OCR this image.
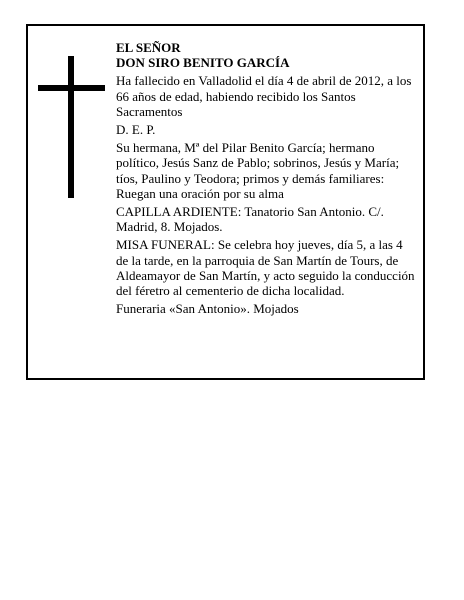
EL SEÑOR

DON SIRO BENITO GARCÍA

Ha fallecido en Valladolid el día 4 de abril de 2012, a los 66 años de edad, habiendo recibido los Santos Sacramentos

D. E. P.

Su hermana, Mª del Pilar Benito García; hermano político, Jesús Sanz de Pablo; sobrinos, Jesús y María; tíos, Paulino y Teodora; primos y demás familiares: Ruegan una oración por su alma

CAPILLA ARDIENTE: Tanatorio San Antonio. C/. Madrid, 8. Mojados.

MISA FUNERAL: Se celebra hoy jueves, día 5, a las 4 de la tarde, en la parroquia de San Martín de Tours, de Aldeamayor de San Martín, y acto seguido la conducción del féretro al cementerio de dicha localidad.

Funeraria «San Antonio». Mojados
